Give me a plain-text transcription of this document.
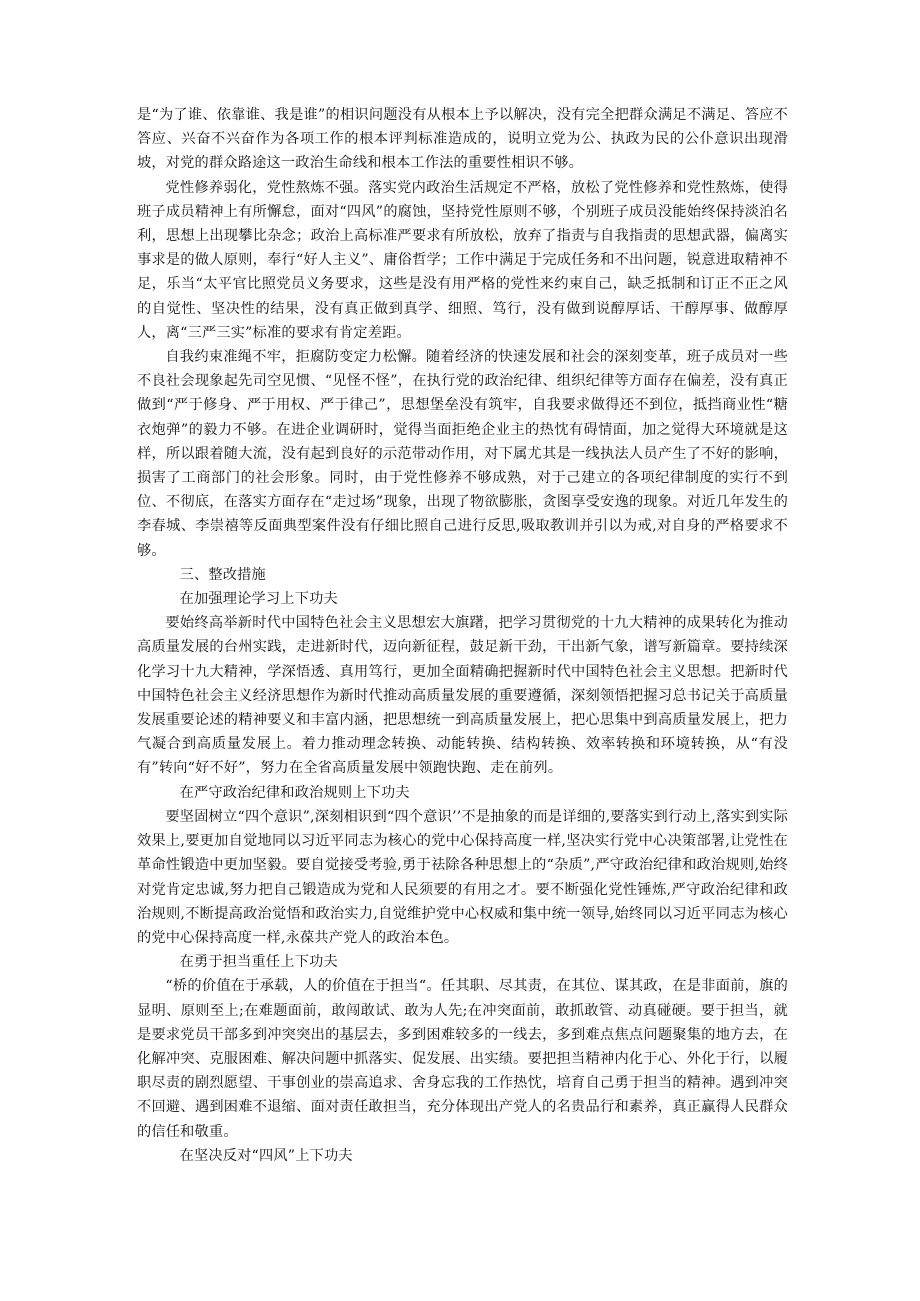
是“为了谁、依靠谁、我是谁”的相识问题没有从根本上予以解决，没有完全把群众满足不满足、答应不答应、兴奋不兴奋作为各项工作的根本评判标准造成的，说明立党为公、执政为民的公仆意识出现滑坡，对党的群众路途这一政治生命线和根本工作法的重要性相识不够。

党性修养弱化，党性熬炼不强。落实党内政治生活规定不严格，放松了党性修养和党性熬炼，使得班子成员精神上有所懈怠，面对“四风”的腐蚀，坚持党性原则不够，个别班子成员没能始终保持淡泊名利，思想上出现攀比杂念；政治上高标准严要求有所放松，放弃了指责与自我指责的思想武器，偏离实事求是的做人原则，奉行“好人主义”、庸俗哲学；工作中满足于完成任务和不出问题，锐意进取精神不足，乐当“太平官比照党员义务要求，这些是没有用严格的党性来约束自己，缺乏抵制和订正不正之风的自觉性、坚决性的结果，没有真正做到真学、细照、笃行，没有做到说醇厚话、干醇厚事、做醇厚人，离“三严三实”标准的要求有肯定差距。

自我约束准绳不牢，拒腐防变定力松懈。随着经济的快速发展和社会的深刻变革，班子成员对一些不良社会现象起先司空见惯、“见怪不怪”，在执行党的政治纪律、组织纪律等方面存在偏差，没有真正做到“严于修身、严于用权、严于律己”，思想堡垒没有筑牢，自我要求做得还不到位，抵挡商业性“糖衣炮弹”的毅力不够。在进企业调研时，觉得当面拒绝企业主的热忱有碍情面，加之觉得大环境就是这样，所以跟着随大流，没有起到良好的示范带动作用，对下属尤其是一线执法人员产生了不好的影响，损害了工商部门的社会形象。同时，由于党性修养不够成熟，对于己建立的各项纪律制度的实行不到位、不彻底，在落实方面存在“走过场”现象，出现了物欲膨胀，贪图享受安逸的现象。对近几年发生的李春城、李崇禧等反面典型案件没有仔细比照自己进行反思,吸取教训并引以为戒,对自身的严格要求不够。

三、整改措施

在加强理论学习上下功夫

要始终高举新时代中国特色社会主义思想宏大旗躇，把学习贯彻党的十九大精神的成果转化为推动高质量发展的台州实践，走进新时代，迈向新征程，鼓足新干劲，干出新气象，谱写新篇章。要持续深化学习十九大精神，学深悟透、真用笃行，更加全面精确把握新时代中国特色社会主义思想。把新时代中国特色社会主义经济思想作为新时代推动高质量发展的重要遵循，深刻领悟把握习总书记关于高质量发展重要论述的精神要义和丰富内涵，把思想统一到高质量发展上，把心思集中到高质量发展上，把力气凝合到高质量发展上。着力推动理念转换、动能转换、结构转换、效率转换和环境转换，从“有没有”转向“好不好”，努力在全省高质量发展中领跑快跑、走在前列。

在严守政治纪律和政治规则上下功夫

要坚固树立“四个意识”,深刻相识到“四个意识’’不是抽象的而是详细的,要落实到行动上,落实到实际效果上,要更加自觉地同以习近平同志为核心的党中心保持高度一样,坚决实行党中心决策部署,让党性在革命性锻造中更加坚毅。要自觉接受考验,勇于祛除各种思想上的“杂质”,严守政治纪律和政治规则,始终对党肯定忠诚,努力把自己锻造成为党和人民须要的有用之才。要不断强化党性锤炼,严守政治纪律和政治规则,不断提高政治觉悟和政治实力,自觉维护党中心权威和集中统一领导,始终同以习近平同志为核心的党中心保持高度一样,永葆共产党人的政治本色。

在勇于担当重任上下功夫

“桥的价值在于承载，人的价值在于担当“。任其职、尽其责，在其位、谋其政，在是非面前，旗的显明、原则至上;在难题面前，敢闯敢试、敢为人先;在冲突面前，敢抓敢管、动真碰硬。要于担当，就是要求党员干部多到冲突突出的基层去，多到困难较多的一线去，多到难点焦点问题聚集的地方去，在化解冲突、克服困难、解决问题中抓落实、促发展、出实绩。要把担当精神内化于心、外化于行，以履职尽责的剧烈愿望、干事创业的崇高追求、舍身忘我的工作热忱，培育自己勇于担当的精神。遇到冲突不回避、遇到困难不退缩、面对责任敢担当，充分体现出产党人的名贵品行和素养，真正赢得人民群众的信任和敬重。

在坚决反对“四风”上下功夫
